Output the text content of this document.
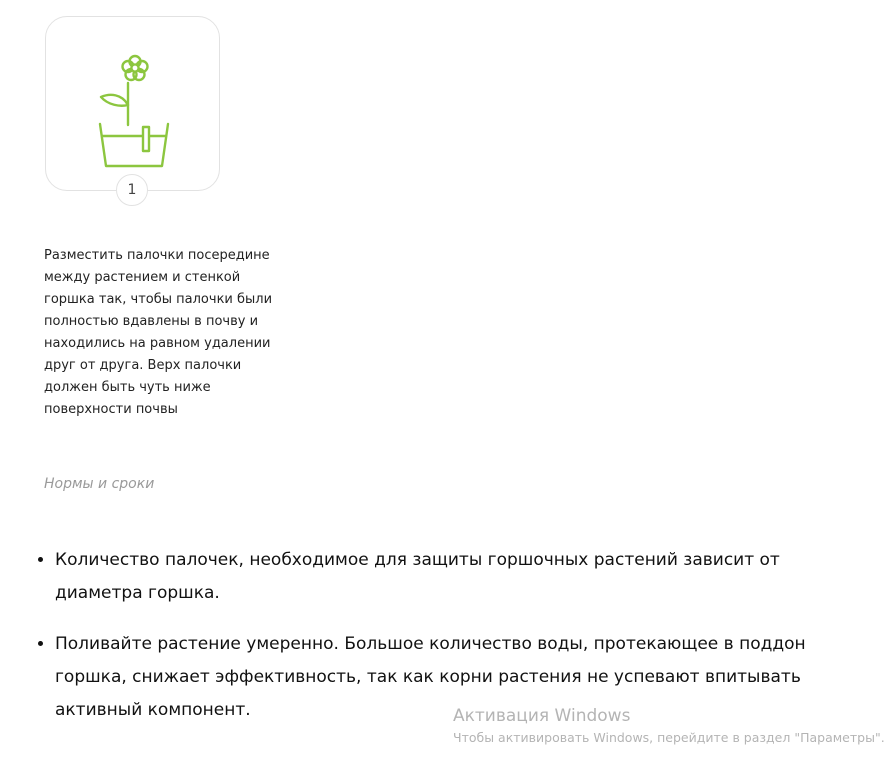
1

Разместить палочки посередине между растением и стенкой горшка так, чтобы палочки были полностью вдавлены в почву и находились на равном удалении друг от друга. Верх палочки должен быть чуть ниже поверхности почвы

Нормы и сроки
• Количество палочек, необходимое для защиты горшочных растений зависит от диаметра горшка.
• Поливайте растение умеренно. Большое количество воды, протекающее в поддон горшка, снижает эффективность, так как корни растения не успевают впитывать активный компонент.	Активация Windows
Чтобы активировать Windows, перейдите в раздел "Параметры".
